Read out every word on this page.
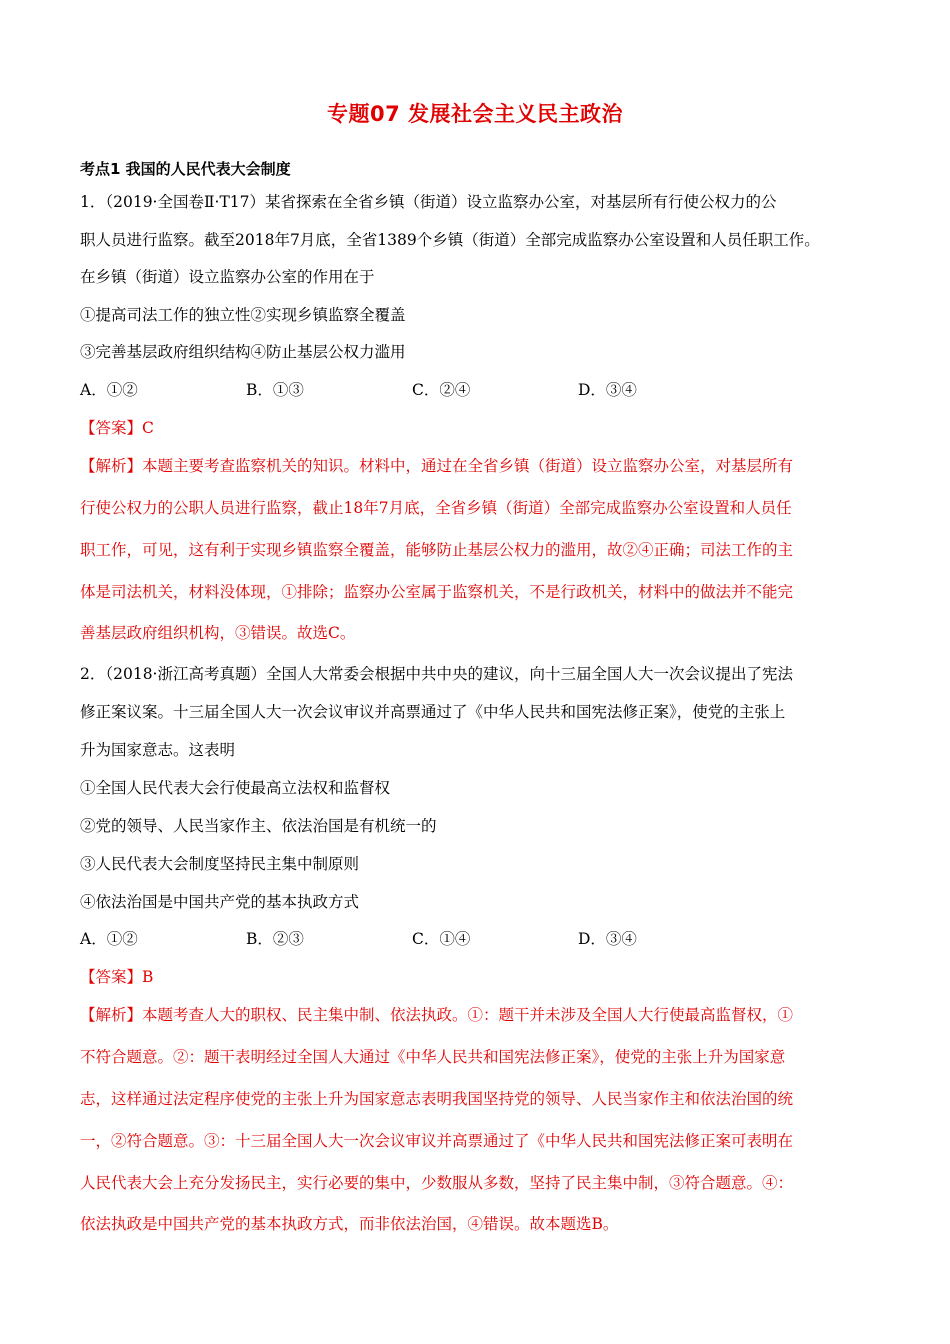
专题07 发展社会主义民主政治
考点1 我国的人民代表大会制度
1．（2019·全国卷Ⅱ·T17）某省探索在全省乡镇（街道）设立监察办公室，对基层所有行使公权力的公
职人员进行监察。截至2018年7月底，全省1389个乡镇（街道）全部完成监察办公室设置和人员任职工作。
在乡镇（街道）设立监察办公室的作用在于
①提高司法工作的独立性②实现乡镇监察全覆盖
③完善基层政府组织结构④防止基层公权力滥用
A．①②	B．①③	C．②④	D．③④
【答案】C
【解析】本题主要考查监察机关的知识。材料中，通过在全省乡镇（街道）设立监察办公室，对基层所有
行使公权力的公职人员进行监察，截止18年7月底，全省乡镇（街道）全部完成监察办公室设置和人员任
职工作，可见，这有利于实现乡镇监察全覆盖，能够防止基层公权力的滥用，故②④正确；司法工作的主
体是司法机关，材料没体现，①排除；监察办公室属于监察机关，不是行政机关，材料中的做法并不能完
善基层政府组织机构，③错误。故选C。
2．（2018·浙江高考真题）全国人大常委会根据中共中央的建议，向十三届全国人大一次会议提出了宪法
修正案议案。十三届全国人大一次会议审议并高票通过了《中华人民共和国宪法修正案》，使党的主张上
升为国家意志。这表明
①全国人民代表大会行使最高立法权和监督权
②党的领导、人民当家作主、依法治国是有机统一的
③人民代表大会制度坚持民主集中制原则
④依法治国是中国共产党的基本执政方式
A．①②	B．②③	C．①④	D．③④
【答案】B
【解析】本题考查人大的职权、民主集中制、依法执政。①：题干并未涉及全国人大行使最高监督权，①
不符合题意。②：题干表明经过全国人大通过《中华人民共和国宪法修正案》，使党的主张上升为国家意
志，这样通过法定程序使党的主张上升为国家意志表明我国坚持党的领导、人民当家作主和依法治国的统
一，②符合题意。③：十三届全国人大一次会议审议并高票通过了《中华人民共和国宪法修正案可表明在
人民代表大会上充分发扬民主，实行必要的集中，少数服从多数，坚持了民主集中制，③符合题意。④：
依法执政是中国共产党的基本执政方式，而非依法治国，④错误。故本题选B。
